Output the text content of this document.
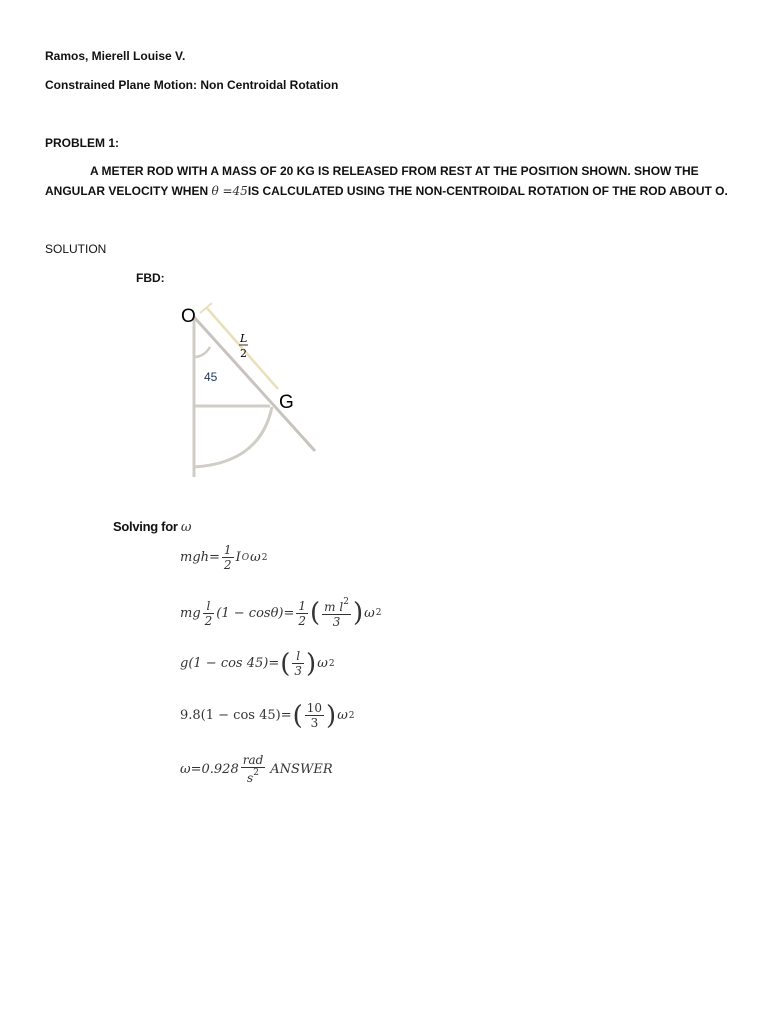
Ramos, Mierell Louise V.
Constrained Plane Motion: Non Centroidal Rotation
PROBLEM 1:
A METER ROD WITH A MASS OF 20 KG IS RELEASED FROM REST AT THE POSITION SHOWN. SHOW THE
ANGULAR VELOCITY WHEN θ =45IS CALCULATED USING THE NON-CENTROIDAL ROTATION OF THE ROD ABOUT O.
SOLUTION
FBD:
O
G
45
L
2
Solving for ω
$mgh= \frac{1}{2}$ I O ω 2
mg $\frac{l}{2} (1 - \cos\theta)= \frac{1}{2}$ ( $\frac{m l^2}{3}$ ) ω 2
g(1 − cos 45)= ( $\frac{l}{3}$ ) ω 2
9.8(1 − cos 45)= ( $\frac{10}{3}$ ) ω 2
$\omega=0.928 \frac{\text{rad}}{s^2}$ ANSWER
